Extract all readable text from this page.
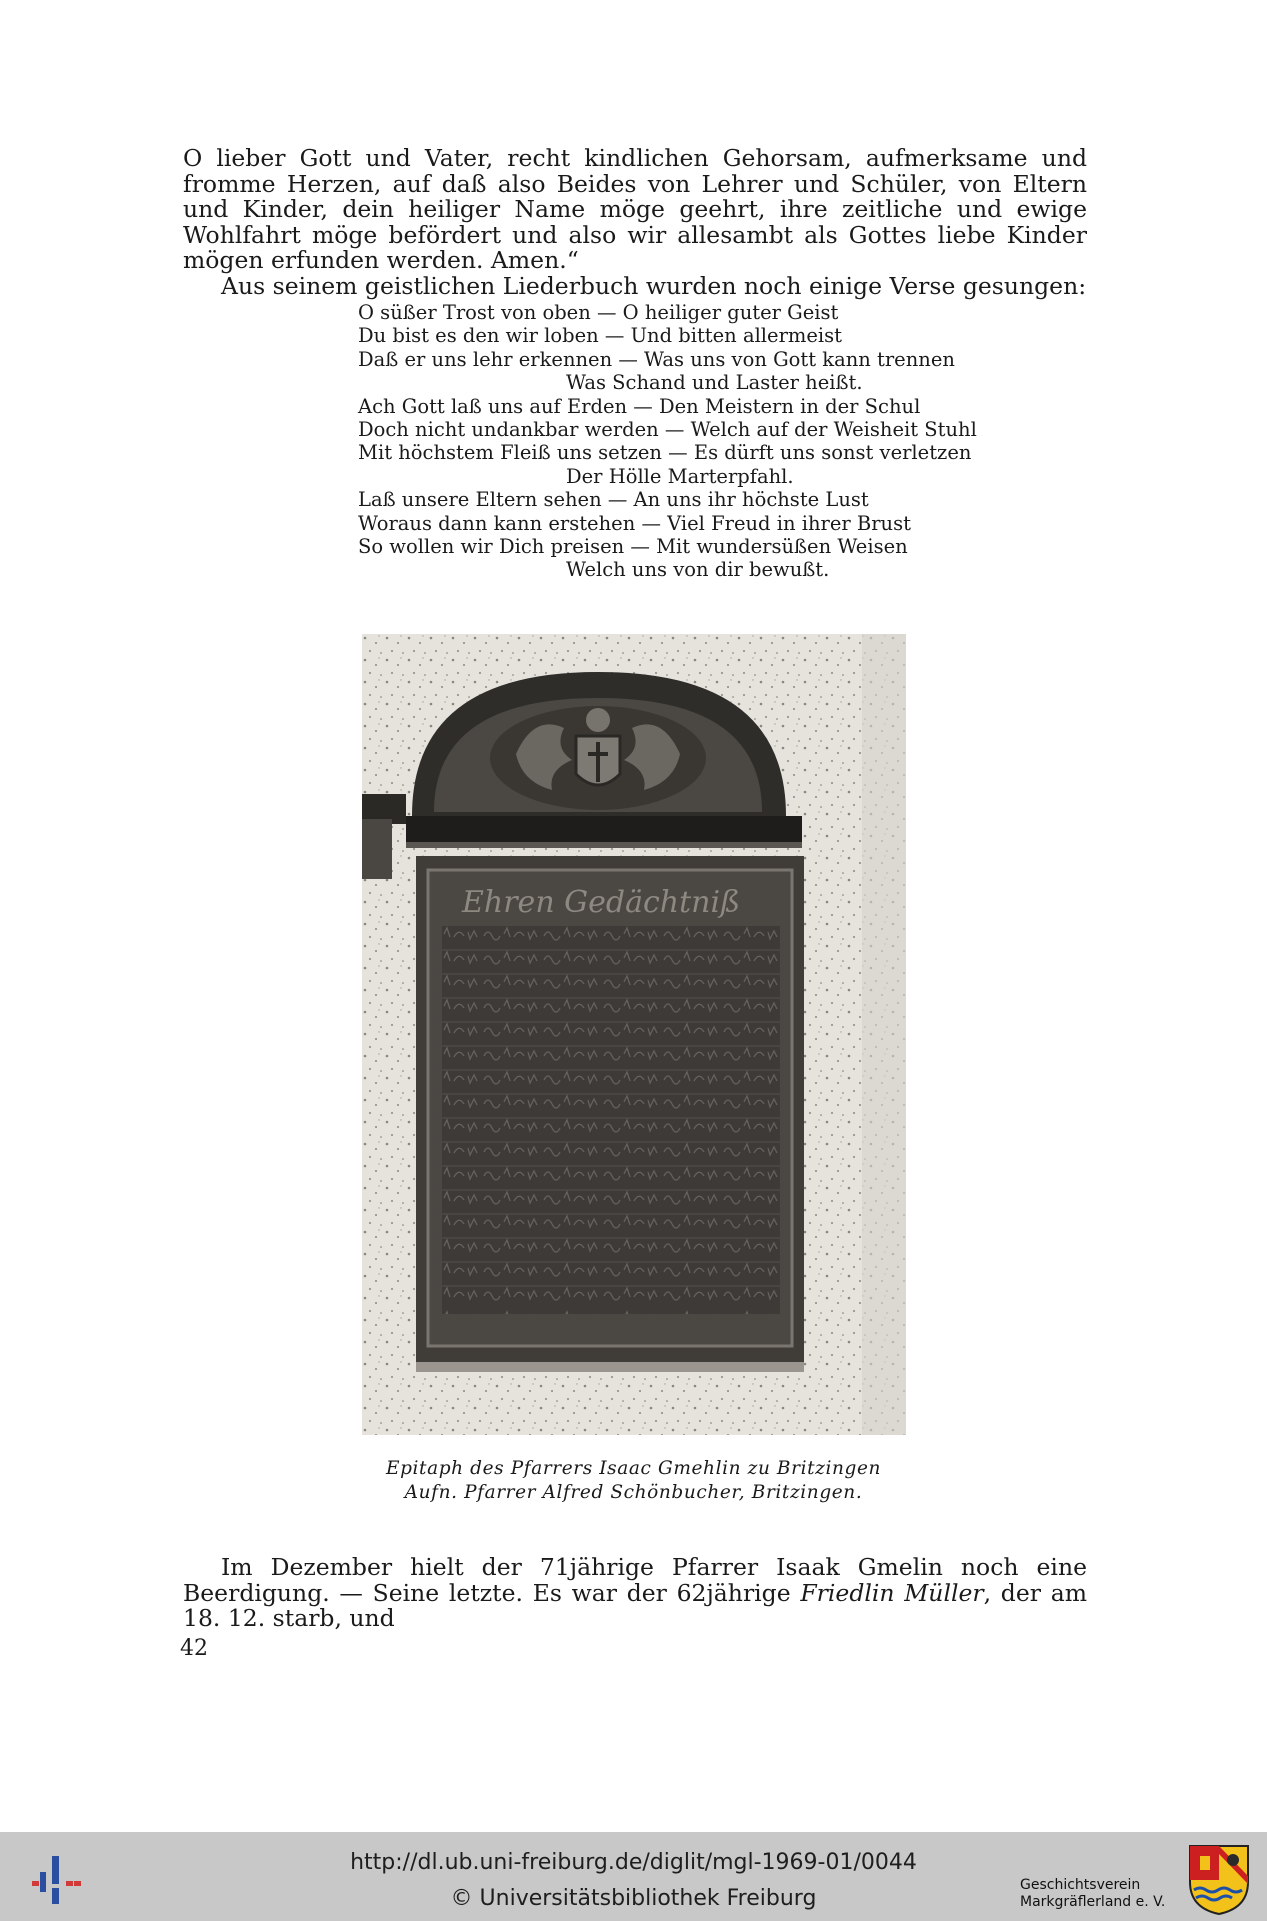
O lieber Gott und Vater, recht kindlichen Gehorsam, aufmerksame und fromme Herzen, auf daß also Beides von Lehrer und Schüler, von Eltern und Kinder, dein heiliger Name möge geehrt, ihre zeitliche und ewige Wohlfahrt möge befördert und also wir allesambt als Gottes liebe Kinder mögen erfunden werden. Amen.“

Aus seinem geistlichen Liederbuch wurden noch einige Verse gesungen:

O süßer Trost von oben — O heiliger guter Geist
Du bist es den wir loben — Und bitten allermeist
Daß er uns lehr erkennen — Was uns von Gott kann trennen
Was Schand und Laster heißt.
Ach Gott laß uns auf Erden — Den Meistern in der Schul
Doch nicht undankbar werden — Welch auf der Weisheit Stuhl
Mit höchstem Fleiß uns setzen — Es dürft uns sonst verletzen
Der Hölle Marterpfahl.
Laß unsere Eltern sehen — An uns ihr höchste Lust
Woraus dann kann erstehen — Viel Freud in ihrer Brust
So wollen wir Dich preisen — Mit wundersüßen Weisen
Welch uns von dir bewußt.
Ehren Gedächtniß
Epitaph des Pfarrers Isaac Gmehlin zu Britzingen
Aufn. Pfarrer Alfred Schönbucher, Britzingen.

Im Dezember hielt der 71jährige Pfarrer Isaak Gmelin noch eine Beerdigung. — Seine letzte. Es war der 62jährige Friedlin Müller, der am 18. 12. starb, und

42
http://dl.ub.uni-freiburg.de/diglit/mgl-1969-01/0044
© Universitätsbibliothek Freiburg
Geschichtsverein
Markgräflerland e. V.
